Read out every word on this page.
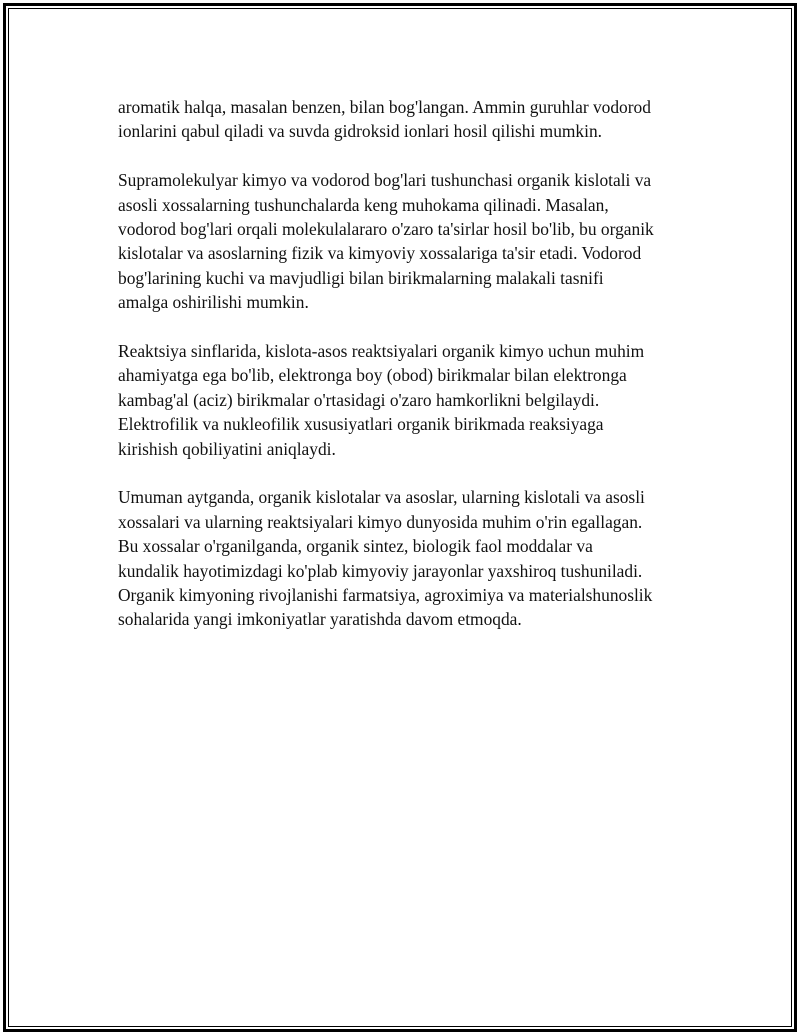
aromatik halqa, masalan benzen, bilan bog'langan. Ammin guruhlar vodorod
ionlarini qabul qiladi va suvda gidroksid ionlari hosil qilishi mumkin.

Supramolekulyar kimyo va vodorod bog'lari tushunchasi organik kislotali va
asosli xossalarning tushunchalarda keng muhokama qilinadi. Masalan,
vodorod bog'lari orqali molekulalararo o'zaro ta'sirlar hosil bo'lib, bu organik
kislotalar va asoslarning fizik va kimyoviy xossalariga ta'sir etadi. Vodorod
bog'larining kuchi va mavjudligi bilan birikmalarning malakali tasnifi
amalga oshirilishi mumkin.

Reaktsiya sinflarida, kislota-asos reaktsiyalari organik kimyo uchun muhim
ahamiyatga ega bo'lib, elektronga boy (obod) birikmalar bilan elektronga
kambag'al (aciz) birikmalar o'rtasidagi o'zaro hamkorlikni belgilaydi.
Elektrofilik va nukleofilik xususiyatlari organik birikmada reaksiyaga
kirishish qobiliyatini aniqlaydi.

Umuman aytganda, organik kislotalar va asoslar, ularning kislotali va asosli
xossalari va ularning reaktsiyalari kimyo dunyosida muhim o'rin egallagan.
Bu xossalar o'rganilganda, organik sintez, biologik faol moddalar va
kundalik hayotimizdagi ko'plab kimyoviy jarayonlar yaxshiroq tushuniladi.
Organik kimyoning rivojlanishi farmatsiya, agroximiya va materialshunoslik
sohalarida yangi imkoniyatlar yaratishda davom etmoqda.
